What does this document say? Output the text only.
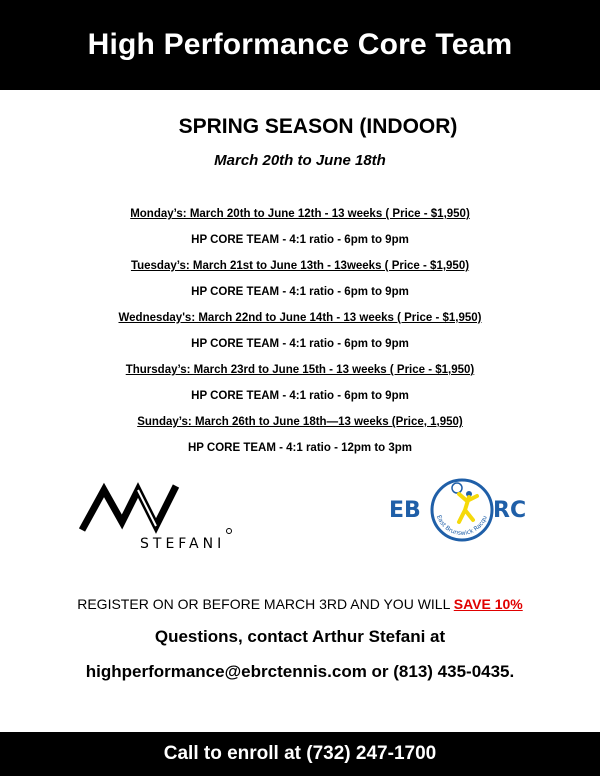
High Performance Core Team
SPRING SEASON (INDOOR)
March 20th to June 18th
Monday’s: March 20th to June 12th - 13 weeks ( Price - $1,950)
HP CORE TEAM - 4:1 ratio - 6pm to 9pm
Tuesday’s: March 21st to June 13th - 13weeks ( Price - $1,950)
HP CORE TEAM - 4:1 ratio - 6pm to 9pm
Wednesday's: March 22nd to June 14th - 13 weeks ( Price - $1,950)
HP CORE TEAM - 4:1 ratio - 6pm to 9pm
Thursday’s: March 23rd to June 15th - 13 weeks ( Price - $1,950)
HP CORE TEAM - 4:1 ratio - 6pm to 9pm
Sunday’s: March 26th to June 18th—13 weeks (Price, 1,950)
HP CORE TEAM - 4:1 ratio - 12pm to 3pm
STEFANI
EB	East Brunswick Racqu RC
REGISTER ON OR BEFORE MARCH 3RD AND YOU WILL SAVE 10%
Questions, contact Arthur Stefani at
highperformance@ebrctennis.com or (813) 435-0435.
Call to enroll at (732) 247-1700
